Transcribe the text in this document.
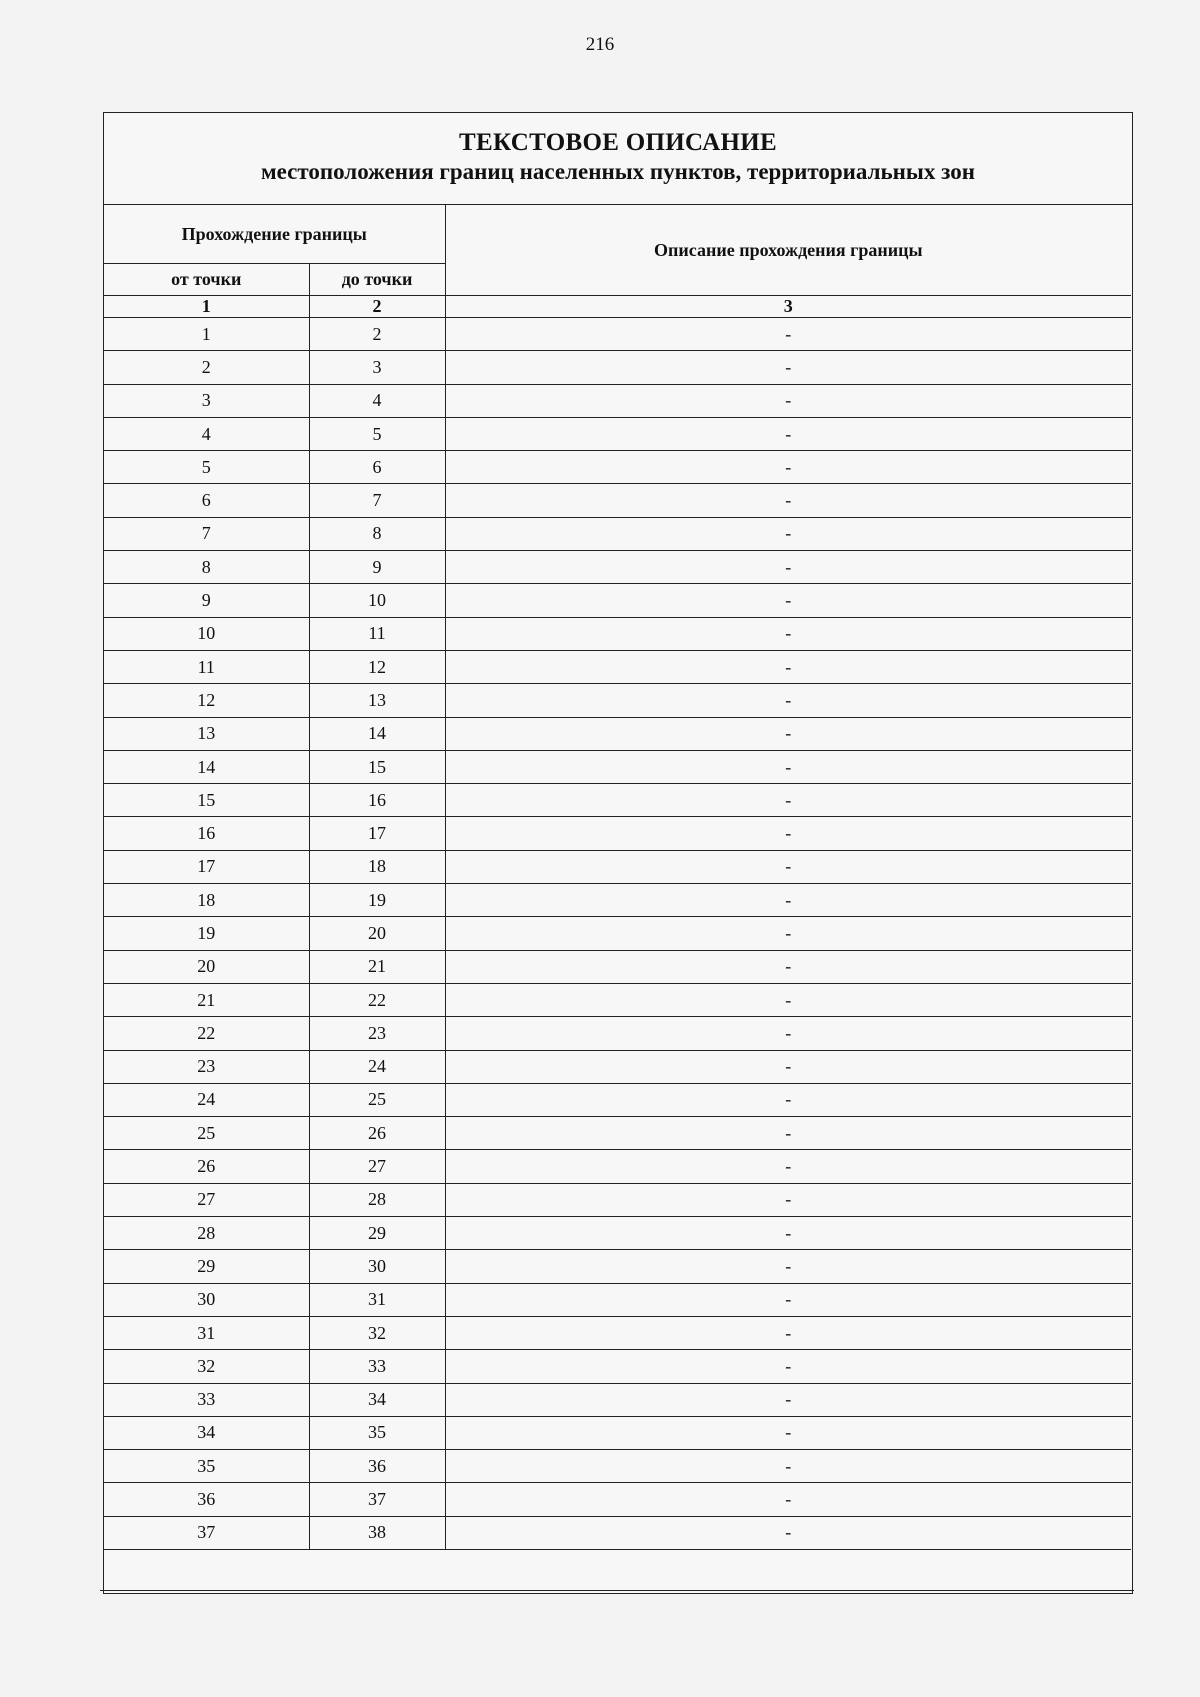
216
ТЕКСТОВОЕ ОПИСАНИЕ
местоположения границ населенных пунктов, территориальных зон
Прохождение границы		Описание прохождения границы
от точки	до точки	
1	2	3
1	2	-
2	3	-
3	4	-
4	5	-
5	6	-
6	7	-
7	8	-
8	9	-
9	10	-
10	11	-
11	12	-
12	13	-
13	14	-
14	15	-
15	16	-
16	17	-
17	18	-
18	19	-
19	20	-
20	21	-
21	22	-
22	23	-
23	24	-
24	25	-
25	26	-
26	27	-
27	28	-
28	29	-
29	30	-
30	31	-
31	32	-
32	33	-
33	34	-
34	35	-
35	36	-
36	37	-
37	38	-
